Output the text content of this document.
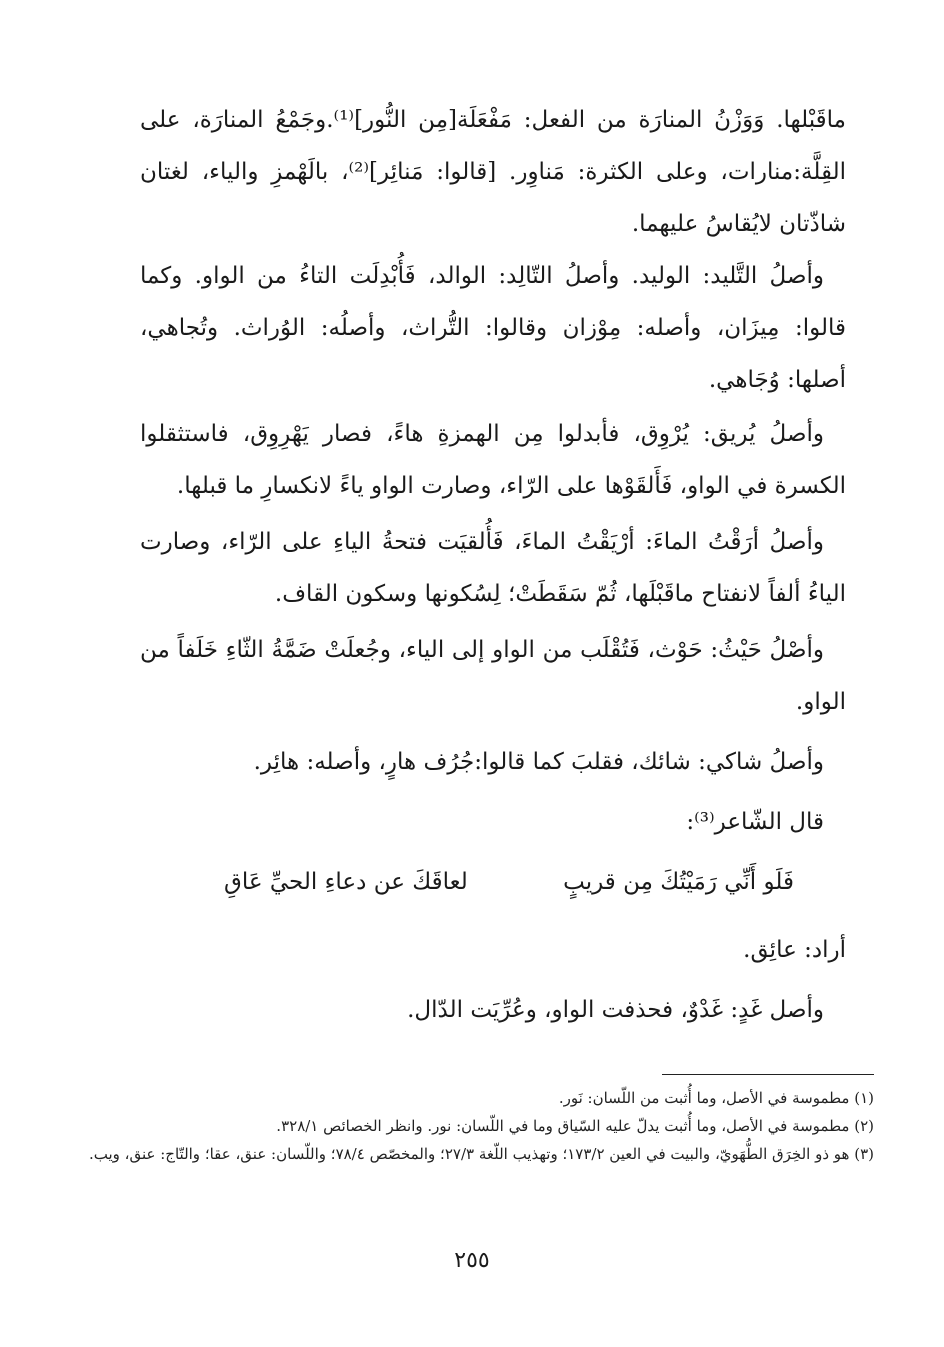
ماقَبْلها. وَوَزْنُ المنارَة من الفعل: مَفْعَلَة[مِن النُّور]⁽¹⁾.وجَمْعُ المنارَة، على القِلَّة:منارات، وعلى الكثرة: مَناوِر. [قالوا: مَنائِر]⁽²⁾، بالَهْمزِ والياء، لغتان شاذّتان لايُقاسُ عليهما.

وأصلُ التَّليد: الوليد. وأصلُ التّالِد: الوالد، فَأُبْدِلَت التاءُ من الواو. وكما قالوا: مِيزَان، وأصله: مِوْزان وقالوا: التُّراث، وأصلُه: الوُراث. وتُجاهي، أصلها: وُجَاهي.

وأصلُ يُريق: يُرْوِق، فأبدلوا مِن الهمزةِ هاءً، فصار يَهْرِوِق، فاستثقلوا الكسرة في الواو، فَأَلقَوْها على الرّاء، وصارت الواو ياءً لانكسارِ ما قبلها.

وأصلُ أرَقْتُ الماءَ: أرْيَقْتُ الماءَ، فَأُلقيَت فتحةُ الياءِ على الرّاء، وصارت الياءُ ألفاً لانفتاح ماقَبْلَها، ثُمّ سَقَطَتْ؛ لِسُكونها وسكون القاف.

وأصْلُ حَيْثُ: حَوْث، فَتُقْلَب من الواو إلى الياء، وجُعلَتْ ضَمَّةُ الثّاءِ خَلَفاً من الواو.

وأصلُ شاكي: شائك، فقلبَ كما قالوا:جُرُف هارٍ، وأصله: هائِر.

قال الشّاعر⁽³⁾:

فَلَو أَنِّي رَمَيْتُكَ مِن قريبٍ
لعاقَكَ عن دعاءِ الحيِّ عَاقِ

أراد: عائِق.

وأصل غَدٍ: غَدْوٌ، فحذفت الواو، وعُرِّيَت الدّال.

(١) مطموسة في الأصل، وما أُثبت من اللّسان: نَور.

(٢) مطموسة في الأصل، وما أُثبت يدلّ عليه السّياق وما في اللّسان: نور. وانظر الخصائص ٣٢٨/١.

(٣) هو ذو الخِرَق الطُّهَويّ، والبيت في العين ١٧٣/٢؛ وتهذيب اللّغة ٢٧/٣؛ والمخصّص ٧٨/٤؛ واللّسان: عنق، عقا؛ والتّاج: عنق، ويب.

٢٥٥
